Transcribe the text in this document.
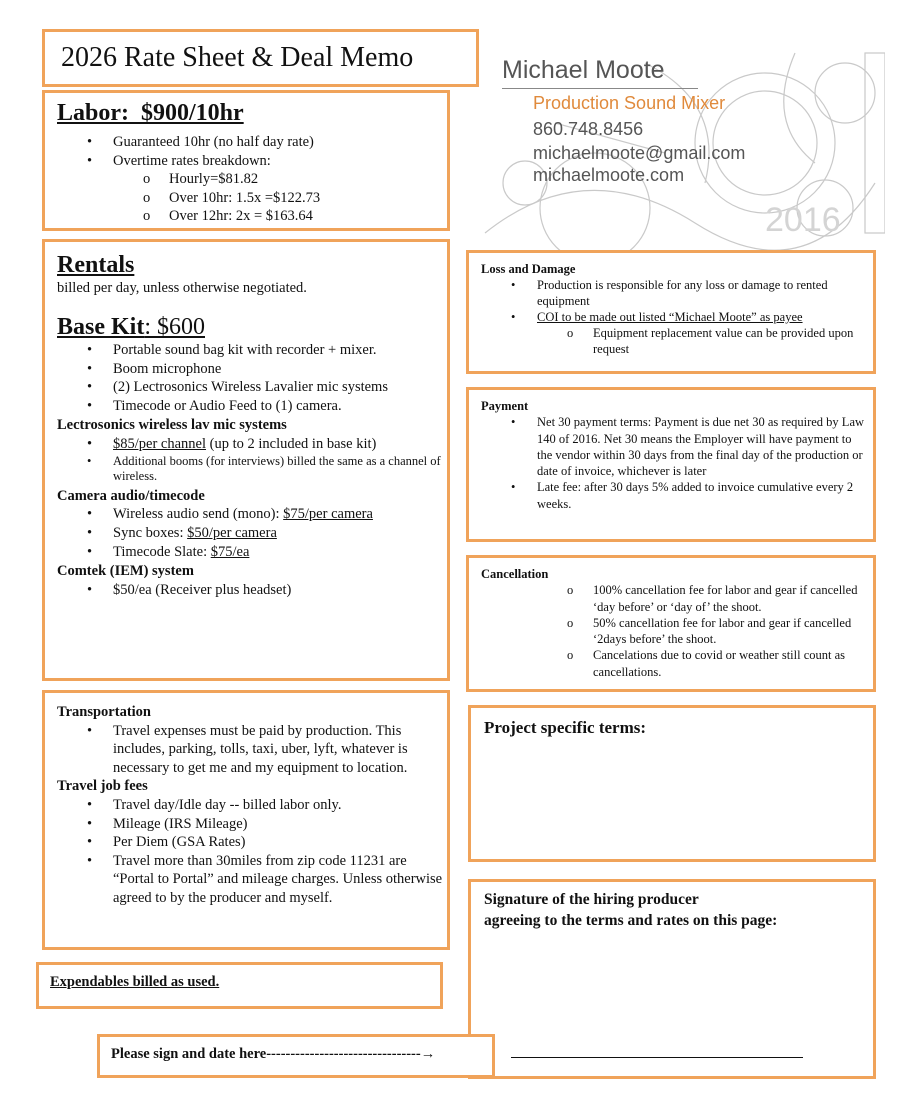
2026 Rate Sheet & Deal Memo
2016
Michael Moote
Production Sound Mixer
860.748.8456
michaelmoote@gmail.com
michaelmoote.com
Labor: $900/10hr
• Guaranteed 10hr (no half day rate)
• Overtime rates breakdown:
o Hourly=$81.82
o Over 10hr: 1.5x =$122.73
o Over 12hr: 2x = $163.64
Rentals
billed per day, unless otherwise negotiated.
Base Kit: $600
• Portable sound bag kit with recorder + mixer.
• Boom microphone
• (2) Lectrosonics Wireless Lavalier mic systems
• Timecode or Audio Feed to (1) camera.
Lectrosonics wireless lav mic systems
• $85/per channel (up to 2 included in base kit)
• Additional booms (for interviews) billed the same as a channel of wireless.
Camera audio/timecode
• Wireless audio send (mono): $75/per camera
• Sync boxes: $50/per camera
• Timecode Slate: $75/ea
Comtek (IEM) system
• $50/ea (Receiver plus headset)
Loss and Damage
• Production is responsible for any loss or damage to rented equipment
• COI to be made out listed “Michael Moote” as payee
o Equipment replacement value can be provided upon request
Payment
• Net 30 payment terms: Payment is due net 30 as required by Law 140 of 2016. Net 30 means the Employer will have payment to the vendor within 30 days from the final day of the production or date of invoice, whichever is later
• Late fee: after 30 days 5% added to invoice cumulative every 2 weeks.
Cancellation
o 100% cancellation fee for labor and gear if cancelled ‘day before’ or ‘day of’ the shoot.
o 50% cancellation fee for labor and gear if cancelled ‘2days before’ the shoot.
o Cancelations due to covid or weather still count as cancellations.
Transportation
• Travel expenses must be paid by production. This includes, parking, tolls, taxi, uber, lyft, whatever is necessary to get me and my equipment to location.
Travel job fees
• Travel day/Idle day -- billed labor only.
• Mileage (IRS Mileage)
• Per Diem (GSA Rates)
• Travel more than 30miles from zip code 11231 are “Portal to Portal” and mileage charges. Unless otherwise agreed to by the producer and myself.
Expendables billed as used.
Project specific terms:
Signature of the hiring producer
agreeing to the terms and rates on this page:
Please sign and date here--------------------------------→
